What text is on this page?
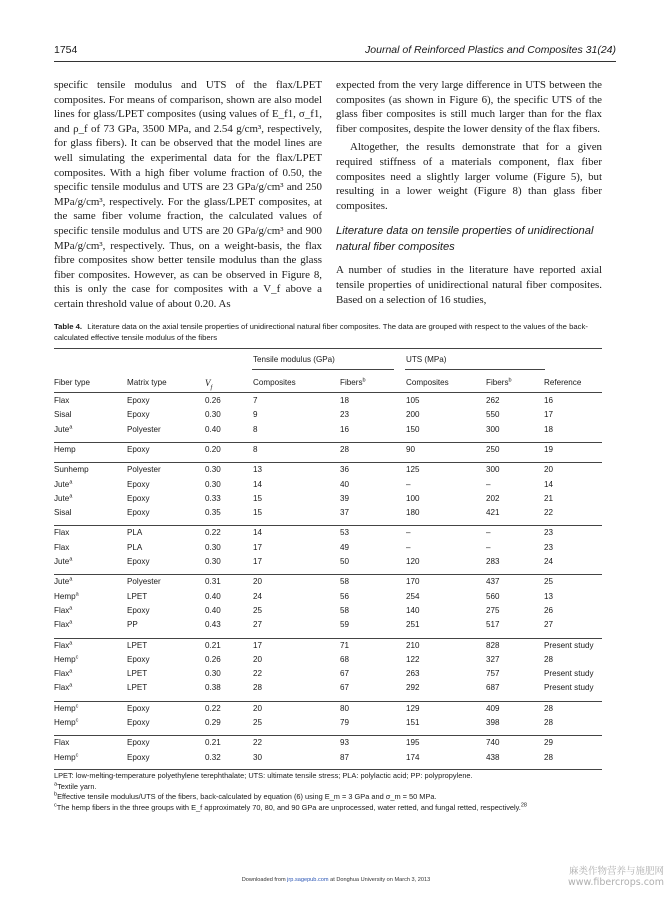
1754	Journal of Reinforced Plastics and Composites 31(24)

specific tensile modulus and UTS of the flax/LPET composites. For means of comparison, shown are also model lines for glass/LPET composites (using values of E_f1, σ_f1, and ρ_f of 73 GPa, 3500 MPa, and 2.54 g/cm³, respectively, for glass fibers). It can be observed that the model lines are well simulating the experimental data for the flax/LPET composites. With a high fiber volume fraction of 0.50, the specific tensile modulus and UTS are 23 GPa/g/cm³ and 250 MPa/g/cm³, respectively. For the glass/LPET composites, at the same fiber volume fraction, the calculated values of specific tensile modulus and UTS are 20 GPa/g/cm³ and 900 MPa/g/cm³, respectively. Thus, on a weight-basis, the flax fibre composites show better tensile modulus than the glass fiber composites. However, as can be observed in Figure 8, this is only the case for composites with a V_f above a certain threshold value of about 0.20. As

expected from the very large difference in UTS between the composites (as shown in Figure 6), the specific UTS of the glass fiber composites is still much larger than for the flax fiber composites, despite the lower density of the flax fibers.

Altogether, the results demonstrate that for a given required stiffness of a materials component, flax fiber composites need a slightly larger volume (Figure 5), but resulting in a lower weight (Figure 8) than glass fiber composites.

Literature data on tensile properties of unidirectional natural fiber composites

A number of studies in the literature have reported axial tensile properties of unidirectional natural fiber composites. Based on a selection of 16 studies,

Table 4. Literature data on the axial tensile properties of unidirectional natural fiber composites. The data are grouped with respect to the values of the back-calculated effective tensile modulus of the fibers
Tensile modulus (GPa)	UTS (MPa)
Fiber type	Matrix type	$V_f$
Composites	Fibers$^b$	Composites	Fibers$^b$	Reference
Flax	Epoxy	0.26	7	18	105	262	16
Sisal	Epoxy	0.30	9	23	200	550	17
Jute$^a$	Polyester	0.40	8	16	150	300	18
Hemp	Epoxy	0.20	8	28	90	250	19
Sunhemp	Polyester	0.30	13	36	125	300	20
Jute$^a$	Epoxy	0.30	14	40	–	–	14
Jute$^a$	Epoxy	0.33	15	39	100	202	21
Sisal	Epoxy	0.35	15	37	180	421	22
Flax	PLA	0.22	14	53	–	–	23
Flax	PLA	0.30	17	49	–	–	23
Jute$^a$	Epoxy	0.30	17	50	120	283	24
Jute$^a$	Polyester	0.31	20	58	170	437	25
Hemp$^a$	LPET	0.40	24	56	254	560	13
Flax$^a$	Epoxy	0.40	25	58	140	275	26
Flax$^a$	PP	0.43	27	59	251	517	27
Flax$^a$	LPET	0.21	17	71	210	828	Present study
Hemp$^c$	Epoxy	0.26	20	68	122	327	28
Flax$^a$	LPET	0.30	22	67	263	757	Present study
Flax$^a$	LPET	0.38	28	67	292	687	Present study
Hemp$^c$	Epoxy	0.22	20	80	129	409	28
Hemp$^c$	Epoxy	0.29	25	79	151	398	28
Flax	Epoxy	0.21	22	93	195	740	29
Hemp$^c$	Epoxy	0.32	30	87	174	438	28
LPET: low-melting-temperature polyethylene terephthalate; UTS: ultimate tensile stress; PLA: polylactic acid; PP: polypropylene.
$^a$Textile yarn.
$^b$Effective tensile modulus/UTS of the fibers, back-calculated by equation (6) using E_m = 3 GPa and σ_m = 50 MPa.
$^c$The hemp fibers in the three groups with E_f approximately 70, 80, and 90 GPa are unprocessed, water retted, and fungal retted, respectively.$^{28}$
Downloaded from jrp.sagepub.com at Donghua University on March 3, 2013
麻类作物营养与施肥网
www.fibercrops.com
